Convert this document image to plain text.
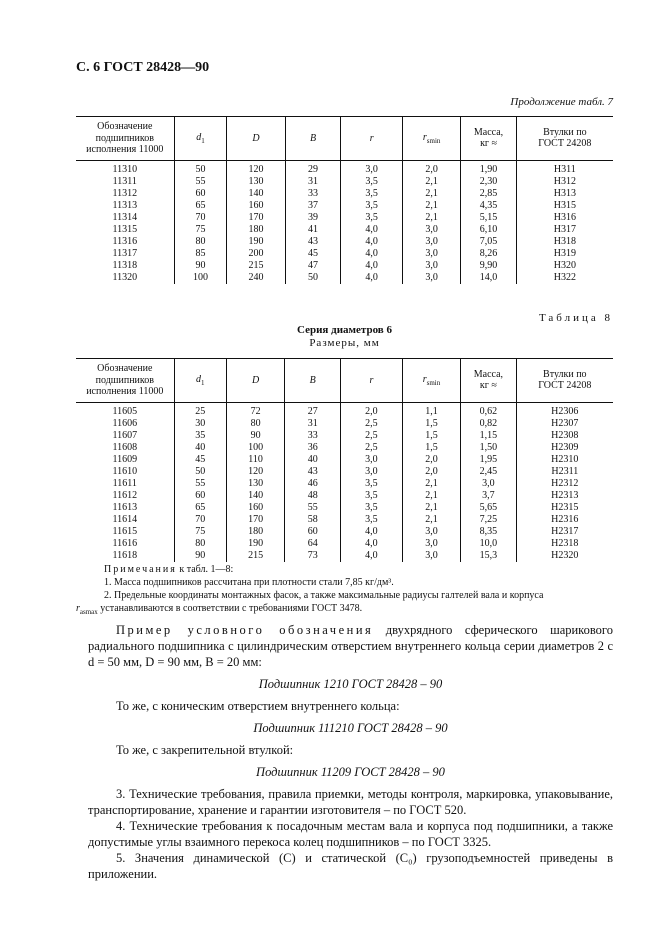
С. 6 ГОСТ 28428—90
Продолжение табл. 7
Обозначение
подшипников
исполнения 11000	$d_1$	D	B	r	$r_{smin}$	Масса,
кг ≈	Втулки по
ГОСТ 24208
11310	50	120	29	3,0	2,0	1,90	Н311
11311	55	130	31	3,5	2,1	2,30	Н312
11312	60	140	33	3,5	2,1	2,85	Н313
11313	65	160	37	3,5	2,1	4,35	Н315
11314	70	170	39	3,5	2,1	5,15	Н316
11315	75	180	41	4,0	3,0	6,10	Н317
11316	80	190	43	4,0	3,0	7,05	Н318
11317	85	200	45	4,0	3,0	8,26	Н319
11318	90	215	47	4,0	3,0	9,90	Н320
11320	100	240	50	4,0	3,0	14,0	Н322
Таблица 8
Серия диаметров 6
Размеры, мм
Обозначение
подшипников
исполнения 11000	$d_1$	D	B	r	$r_{smin}$	Масса,
кг ≈	Втулки по
ГОСТ 24208
11605	25	72	27	2,0	1,1	0,62	Н2306
11606	30	80	31	2,5	1,5	0,82	Н2307
11607	35	90	33	2,5	1,5	1,15	Н2308
11608	40	100	36	2,5	1,5	1,50	Н2309
11609	45	110	40	3,0	2,0	1,95	Н2310
11610	50	120	43	3,0	2,0	2,45	Н2311
11611	55	130	46	3,5	2,1	3,0	Н2312
11612	60	140	48	3,5	2,1	3,7	Н2313
11613	65	160	55	3,5	2,1	5,65	Н2315
11614	70	170	58	3,5	2,1	7,25	Н2316
11615	75	180	60	4,0	3,0	8,35	Н2317
11616	80	190	64	4,0	3,0	10,0	Н2318
11618	90	215	73	4,0	3,0	15,3	Н2320

Примечания к табл. 1—8:

1. Масса подшипников рассчитана при плотности стали 7,85 кг/дм³.

2. Предельные координаты монтажных фасок, а также максимальные радиусы галтелей вала и корпуса

$r_{asmax}$ устанавливаются в соответствии с требованиями ГОСТ 3478.

Пример условного обозначения двухрядного сферического шарикового радиального подшипника с цилиндрическим отверстием внутреннего кольца серии диаметров 2 с d = 50 мм, D = 90 мм, B = 20 мм:

Подшипник 1210 ГОСТ 28428 – 90

То же, с коническим отверстием внутреннего кольца:

Подшипник 111210 ГОСТ 28428 – 90

То же, с закрепительной втулкой:

Подшипник 11209 ГОСТ 28428 – 90

3. Технические требования, правила приемки, методы контроля, маркировка, упаковывание, транспортирование, хранение и гарантии изготовителя – по ГОСТ 520.

4. Технические требования к посадочным местам вала и корпуса под подшипники, а также допустимые углы взаимного перекоса колец подшипников – по ГОСТ 3325.

5. Значения динамической (C) и статической (C₀) грузоподъемностей приведены в приложении.
